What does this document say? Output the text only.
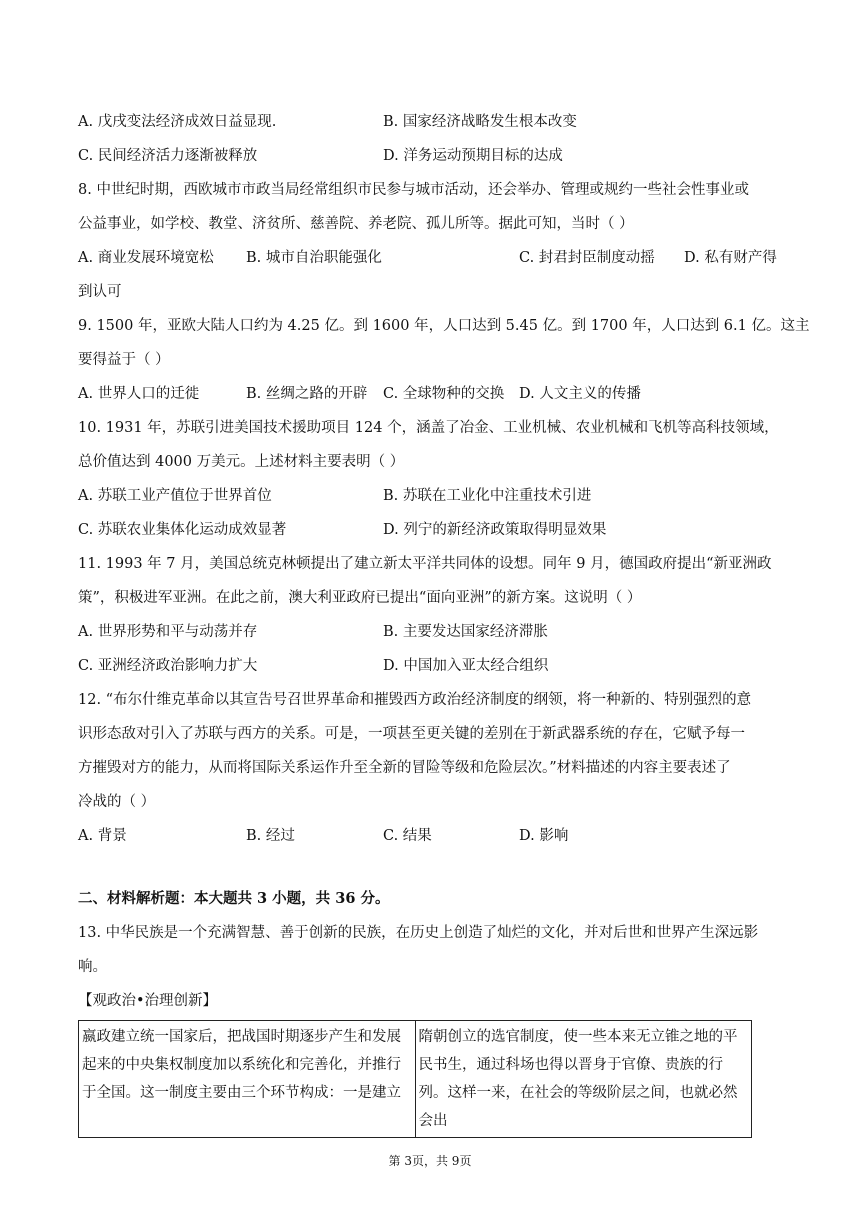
A. 戊戌变法经济成效日益显现.	B. 国家经济战略发生根本改变
C. 民间经济活力逐渐被释放	D. 洋务运动预期目标的达成
8. 中世纪时期，西欧城市市政当局经常组织市民参与城市活动，还会举办、管理或规约一些社会性事业或
公益事业，如学校、教堂、济贫所、慈善院、养老院、孤儿所等。据此可知，当时（ ）
A. 商业发展环境宽松 B. 城市自治职能强化	C. 封君封臣制度动摇 D. 私有财产得
到认可
9. 1500 年，亚欧大陆人口约为 4.25 亿。到 1600 年，人口达到 5.45 亿。到 1700 年，人口达到 6.1 亿。这主
要得益于（ ）
A. 世界人口的迁徙	B. 丝绸之路的开辟 C. 全球物种的交换 D. 人文主义的传播
10. 1931 年，苏联引进美国技术援助项目 124 个，涵盖了冶金、工业机械、农业机械和飞机等高科技领域，
总价值达到 4000 万美元。上述材料主要表明（ ）
A. 苏联工业产值位于世界首位	B. 苏联在工业化中注重技术引进
C. 苏联农业集体化运动成效显著	D. 列宁的新经济政策取得明显效果
11. 1993 年 7 月，美国总统克林顿提出了建立新太平洋共同体的设想。同年 9 月，德国政府提出“新亚洲政
策”，积极进军亚洲。在此之前，澳大利亚政府已提出“面向亚洲”的新方案。这说明（ ）
A. 世界形势和平与动荡并存	B. 主要发达国家经济滞胀
C. 亚洲经济政治影响力扩大	D. 中国加入亚太经合组织
12. “布尔什维克革命以其宣告号召世界革命和摧毁西方政治经济制度的纲领，将一种新的、特别强烈的意
识形态敌对引入了苏联与西方的关系。可是，一项甚至更关键的差别在于新武器系统的存在，它赋予每一
方摧毁对方的能力，从而将国际关系运作升至全新的冒险等级和危险层次。”材料描述的内容主要表述了
冷战的（ ）
A. 背景	B. 经过	C. 结果	D. 影响
二、材料解析题：本大题共 3 小题，共 36 分。
13. 中华民族是一个充满智慧、善于创新的民族，在历史上创造了灿烂的文化，并对后世和世界产生深远影
响。
【观政治•治理创新】
嬴政建立统一国家后，把战国时期逐步产生和发展起来的中央集权制度加以系统化和完善化，并推行于全国。这一制度主要由三个环节构成：一是建立	隋朝创立的选官制度，使一些本来无立锥之地的平民书生，通过科场也得以晋身于官僚、贵族的行列。这样一来，在社会的等级阶层之间，也就必然会出
第 3页，共 9页
